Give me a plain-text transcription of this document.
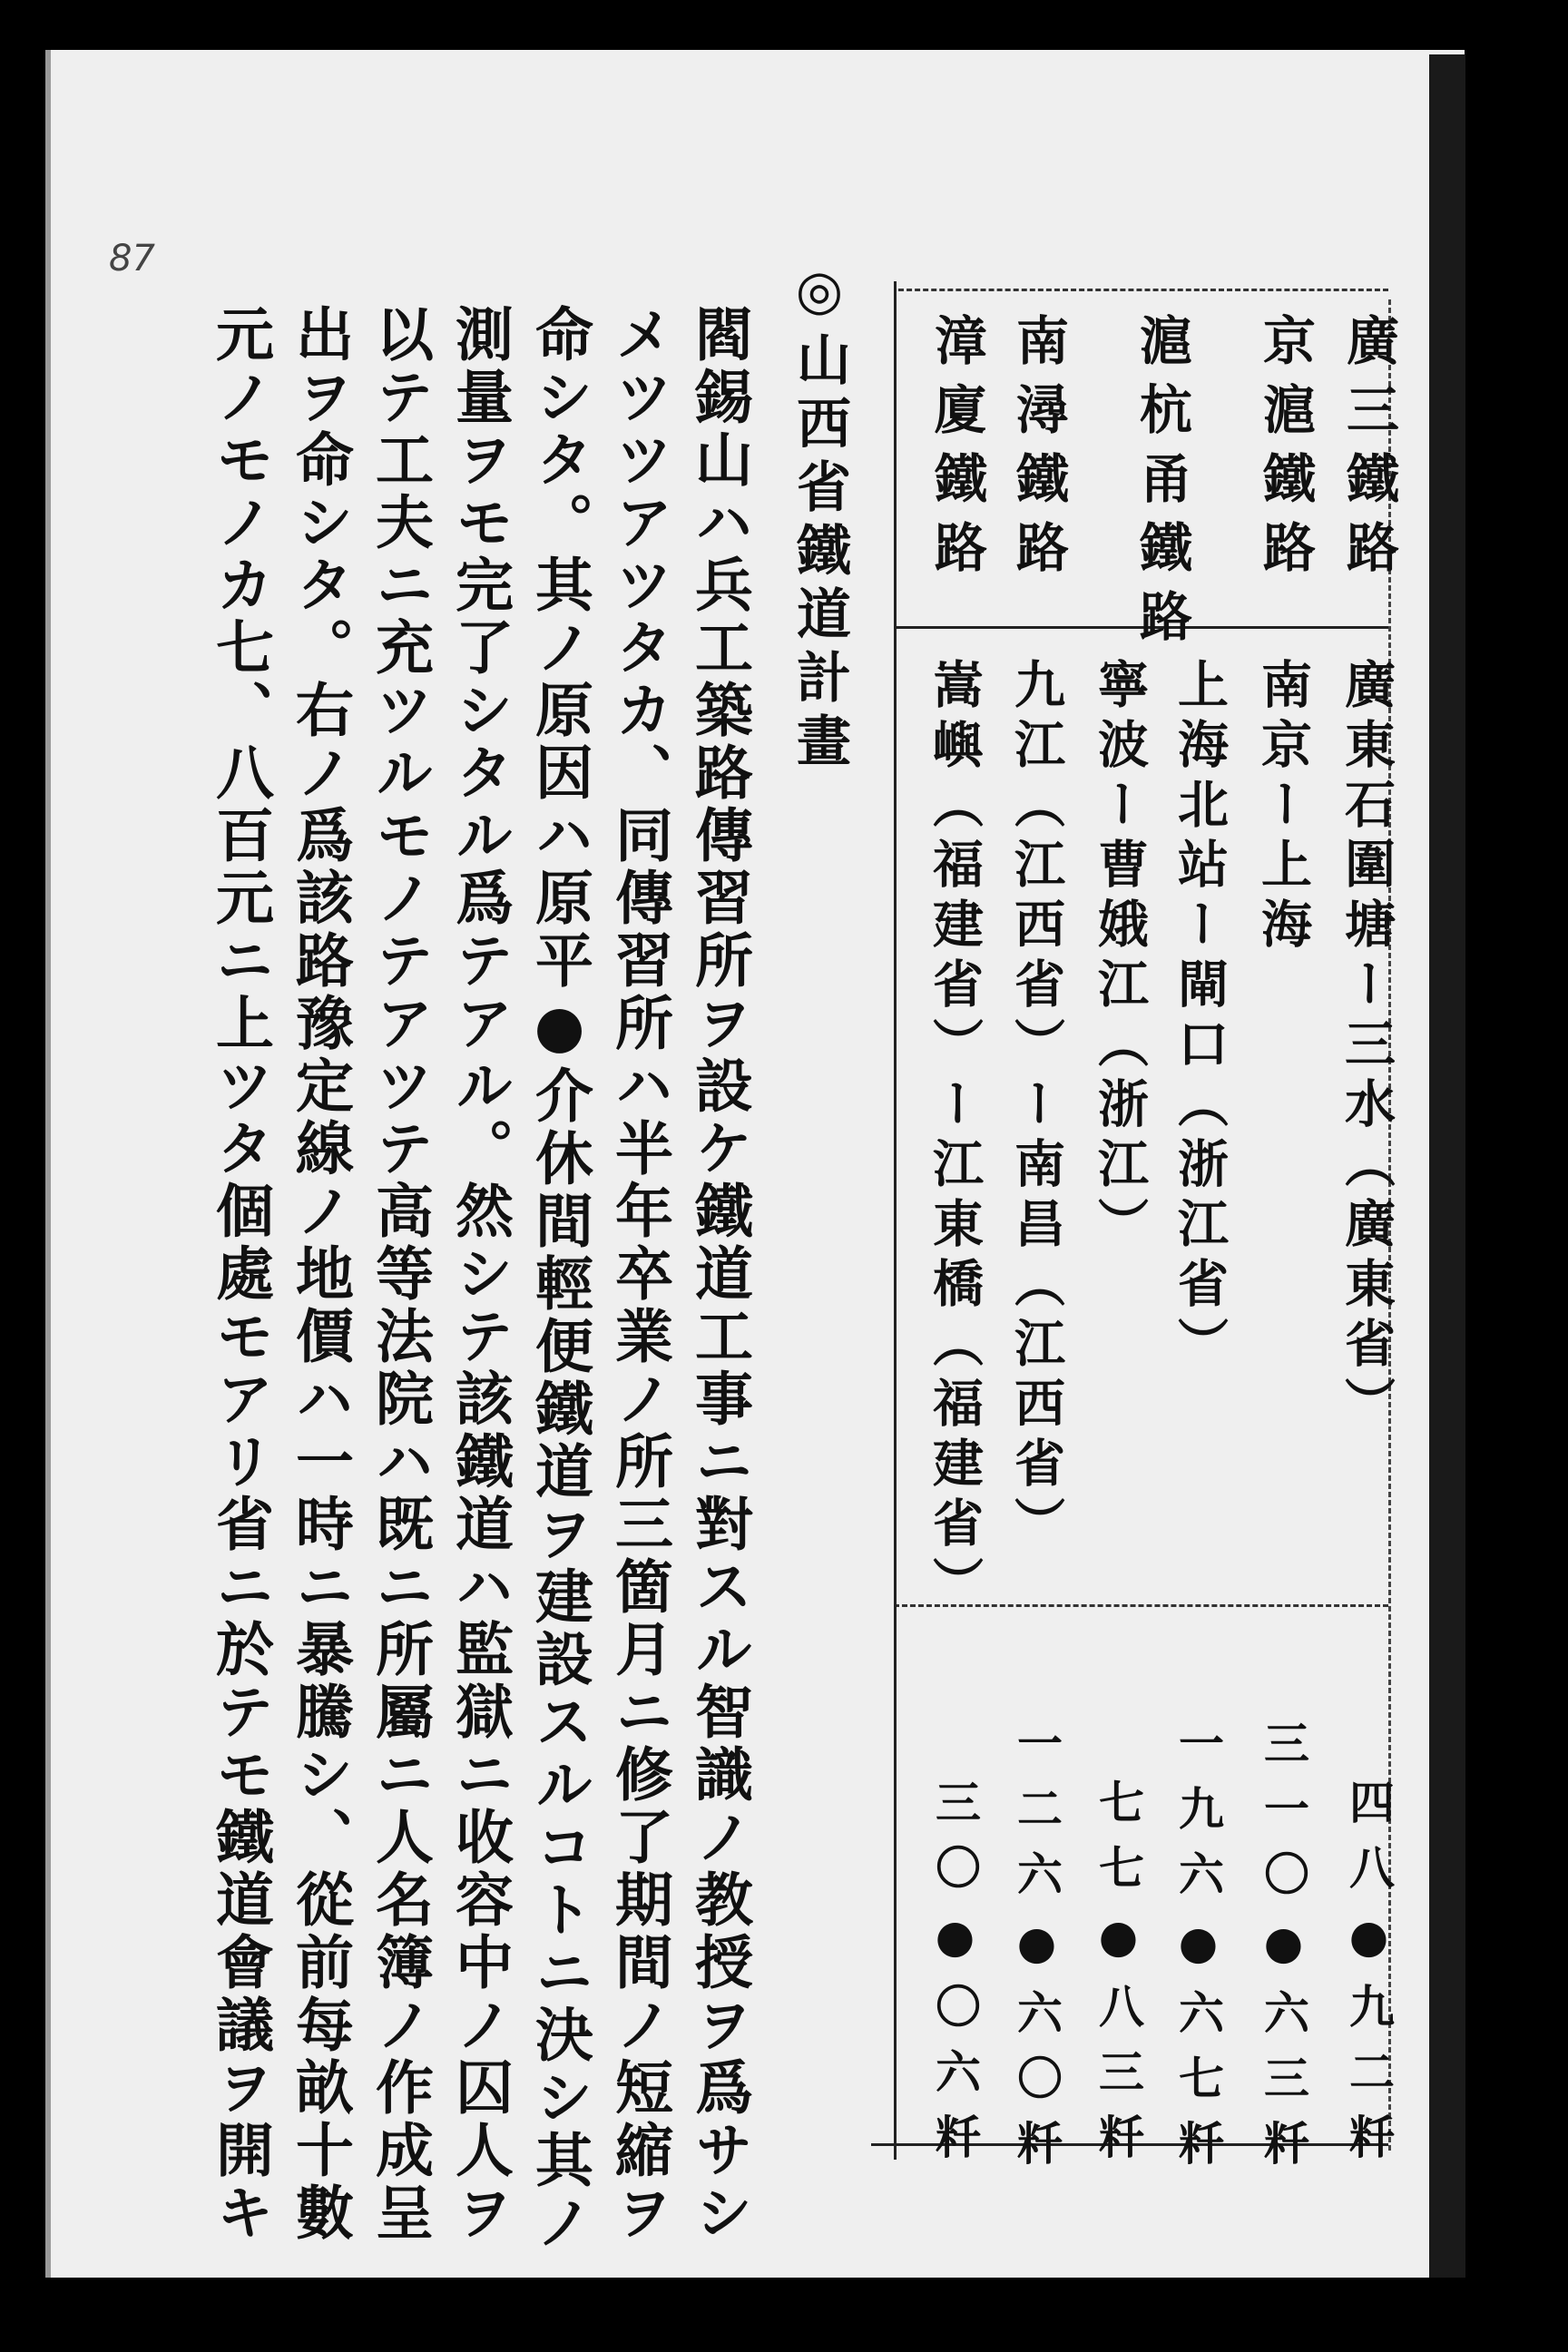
87	◎山西省鐵道計畫
閻錫山ハ兵工築路傳習所ヲ設ケ鐵道工事ニ對スル智識ノ教授ヲ爲サシ
メツツアツタカ、同傳習所ハ半年卒業ノ所三箇月ニ修了期間ノ短縮ヲ
命シタ。其ノ原因ハ原平●介休間輕便鐵道ヲ建設スルコトニ決シ其ノ
測量ヲモ完了シタル爲テアル。然シテ該鐵道ハ監獄ニ收容中ノ囚人ヲ
以テ工夫ニ充ツルモノテアツテ高等法院ハ既ニ所屬ニ人名簿ノ作成呈
出ヲ命シタ。右ノ爲該路豫定線ノ地價ハ一時ニ暴騰シ、從前每畝十數
元ノモノカ七、八百元ニ上ツタ個處モアリ省ニ於テモ鐵道會議ヲ開キ	廣三鐵路
京滬鐵路
滬杭甬鐵路
南潯鐵路
漳廈鐵路
廣東石圍塘ー三水（廣東省）
南京ー上海
上海北站ー閘口（浙江省）
寧波ー曹娥江（浙江）
九江（江西省）ー南昌（江西省）
嵩嶼（福建省）ー江東橋（福建省）
四八●九二粁
三一〇●六三粁
一九六●六七粁
七七●八三粁
一二六●六〇粁
三〇●〇六粁
